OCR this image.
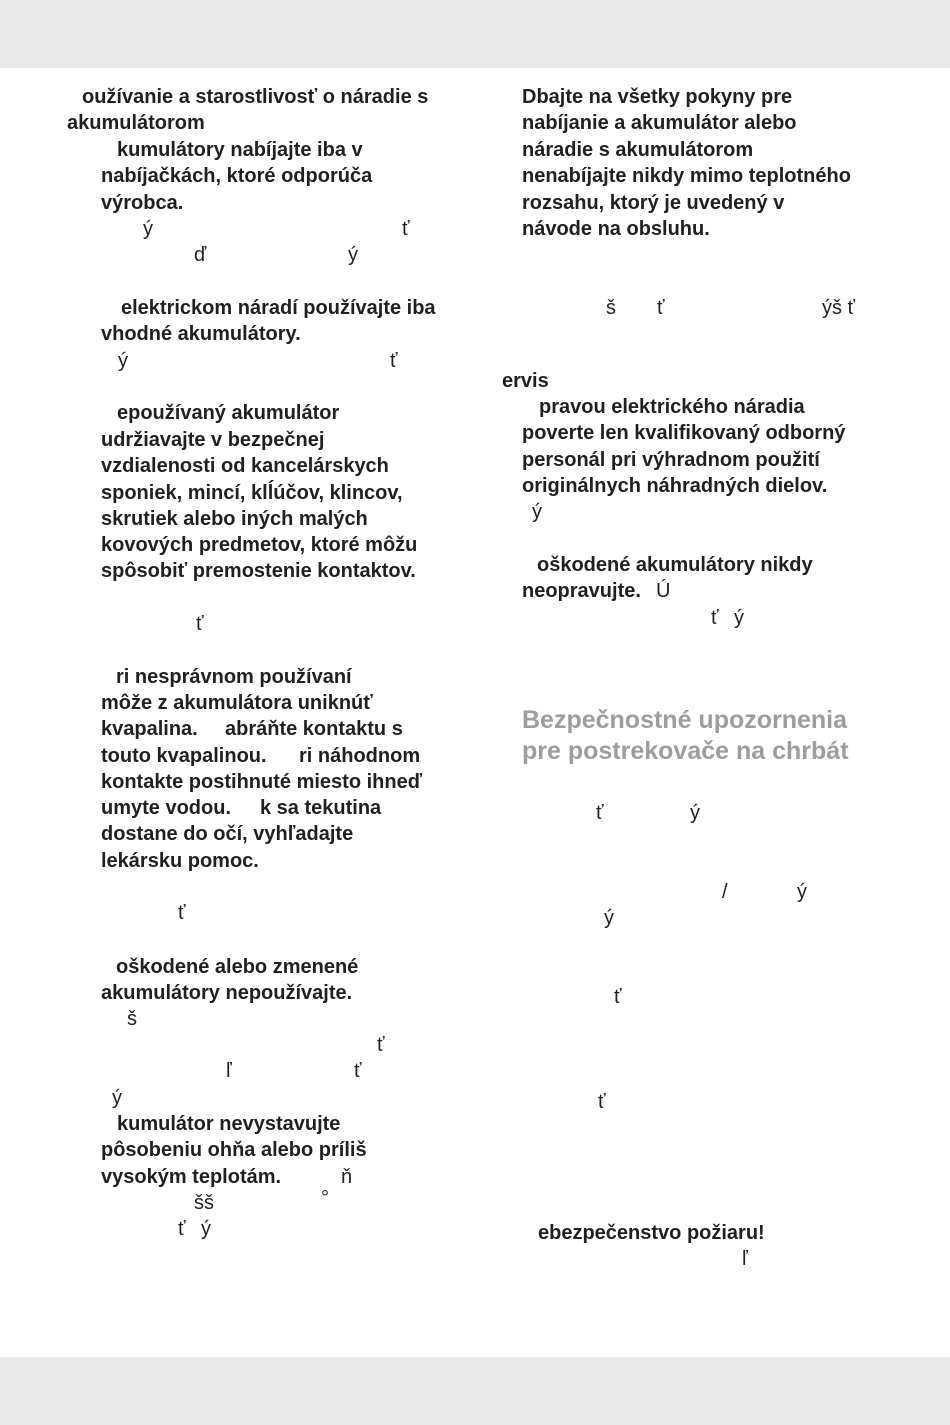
oužívanie a starostlivosť o náradie s
akumulátorom
kumulátory nabíjajte iba v
nabíjačkách, ktoré odporúča
výrobca.
ý	ť
ď	ý
elektrickom náradí používajte iba
vhodné akumulátory.
ý	ť
epoužívaný akumulátor
udržiavajte v bezpečnej
vzdialenosti od kancelárskych
sponiek, mincí, klĺúčov, klincov,
skrutiek alebo iných malých
kovových predmetov, ktoré môžu
spôsobiť premostenie kontaktov.
ť
ri nesprávnom používaní
môže z akumulátora uniknúť
kvapalina. abráňte kontaktu s
touto kvapalinou. ri náhodnom
kontakte postihnuté miesto ihneď
umyte vodou. k sa tekutina
dostane do očí, vyhľadajte
lekársku pomoc.
ť
oškodené alebo zmenené
akumulátory nepoužívajte.
š
ť
ľ	ť
ý
kumulátor nevystavujte
pôsobeniu ohňa alebo príliš
vysokým teplotám.	ň
šš	°
ť ý
Dbajte na všetky pokyny pre
nabíjanie a akumulátor alebo
náradie s akumulátorom
nenabíjajte nikdy mimo teplotného
rozsahu, ktorý je uvedený v
návode na obsluhu.
š ť	ýš ť
ervis
pravou elektrického náradia
poverte len kvalifikovaný odborný
personál pri výhradnom použití
originálnych náhradných dielov.
ý
oškodené akumulátory nikdy
neopravujte. Ú
ť ý
Bezpečnostné upozornenia
pre postrekovače na chrbát
ť	ý
/	ý
ý
ť
ť
ebezpečenstvo požiaru!
ľ
